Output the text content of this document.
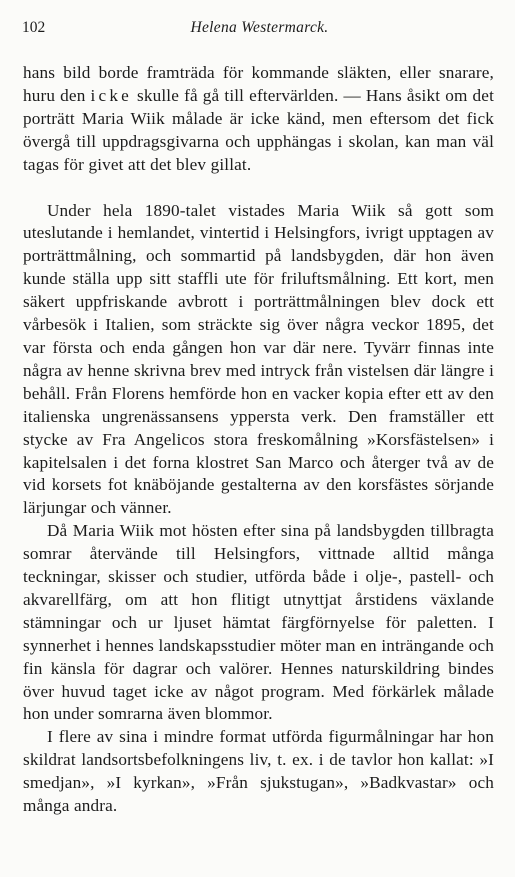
102	Helena Westermarck.

hans bild borde framträda för kommande släkten, eller snarare, huru den icke skulle få gå till eftervärlden. — Hans åsikt om det porträtt Maria Wiik målade är icke känd, men eftersom det fick övergå till uppdragsgivarna och upphängas i skolan, kan man väl tagas för givet att det blev gillat.

Under hela 1890-talet vistades Maria Wiik så gott som uteslutande i hemlandet, vintertid i Helsingfors, ivrigt upptagen av porträttmålning, och sommartid på landsbygden, där hon även kunde ställa upp sitt staffli ute för friluftsmålning. Ett kort, men säkert uppfriskande avbrott i porträttmålningen blev dock ett vårbesök i Italien, som sträckte sig över några veckor 1895, det var första och enda gången hon var där nere. Tyvärr finnas inte några av henne skrivna brev med intryck från vistelsen där längre i behåll. Från Florens hemförde hon en vacker kopia efter ett av den italienska ungrenässansens yppersta verk. Den framställer ett stycke av Fra Angelicos stora freskomålning »Korsfästelsen» i kapitelsalen i det forna klostret San Marco och återger två av de vid korsets fot knäböjande gestalterna av den korsfästes sörjande lärjungar och vänner.

Då Maria Wiik mot hösten efter sina på landsbygden tillbragta somrar återvände till Helsingfors, vittnade alltid många teckningar, skisser och studier, utförda både i olje-, pastell- och akvarellfärg, om att hon flitigt utnyttjat årstidens växlande stämningar och ur ljuset hämtat färgförnyelse för paletten. I synnerhet i hennes landskapsstudier möter man en inträngande och fin känsla för dagrar och valörer. Hennes naturskildring bindes över huvud taget icke av något program. Med förkärlek målade hon under somrarna även blommor.

I flere av sina i mindre format utförda figurmålningar har hon skildrat landsortsbefolkningens liv, t. ex. i de tavlor hon kallat: »I smedjan», »I kyrkan», »Från sjukstugan», »Badkvastar» och många andra.
